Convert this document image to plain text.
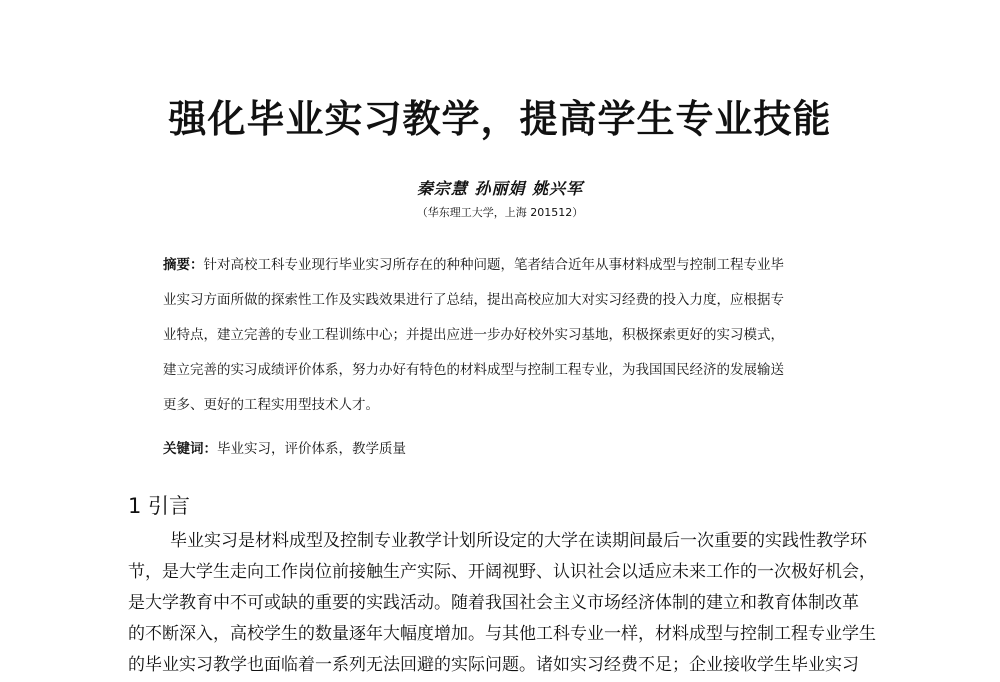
强化毕业实习教学，提高学生专业技能
秦宗慧 孙丽娟 姚兴军
（华东理工大学，上海 201512）
摘要：针对高校工科专业现行毕业实习所存在的种种问题，笔者结合近年从事材料成型与控制工程专业毕
业实习方面所做的探索性工作及实践效果进行了总结，提出高校应加大对实习经费的投入力度，应根据专
业特点，建立完善的专业工程训练中心；并提出应进一步办好校外实习基地，积极探索更好的实习模式，
建立完善的实习成绩评价体系，努力办好有特色的材料成型与控制工程专业，为我国国民经济的发展输送
更多、更好的工程实用型技术人才。
关键词：毕业实习，评价体系，教学质量
1 引言
毕业实习是材料成型及控制专业教学计划所设定的大学在读期间最后一次重要的实践性教学环
节，是大学生走向工作岗位前接触生产实际、开阔视野、认识社会以适应未来工作的一次极好机会，
是大学教育中不可或缺的重要的实践活动。随着我国社会主义市场经济体制的建立和教育体制改革
的不断深入，高校学生的数量逐年大幅度增加。与其他工科专业一样，材料成型与控制工程专业学生
的毕业实习教学也面临着一系列无法回避的实际问题。诸如实习经费不足；企业接收学生毕业实习
